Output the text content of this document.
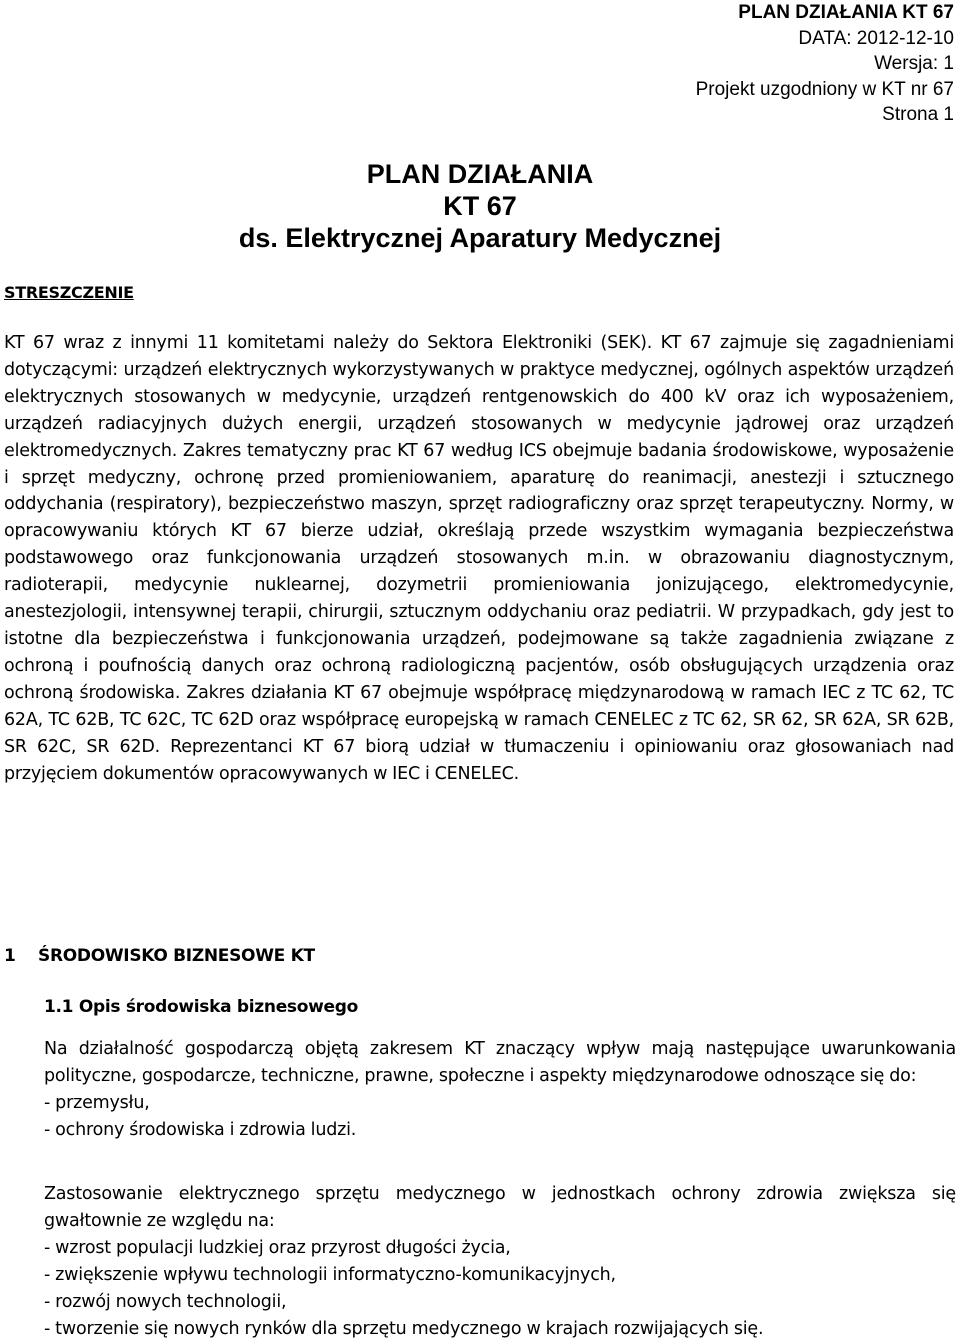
PLAN DZIAŁANIA KT 67
DATA: 2012-12-10
Wersja: 1
Projekt uzgodniony w KT nr 67
Strona 1
PLAN DZIAŁANIA
KT 67
ds. Elektrycznej Aparatury Medycznej
STRESZCZENIE
KT 67 wraz z innymi 11 komitetami należy do Sektora Elektroniki (SEK). KT 67 zajmuje się zagadnieniami dotyczącymi: urządzeń elektrycznych wykorzystywanych w praktyce medycznej, ogólnych aspektów urządzeń elektrycznych stosowanych w medycynie, urządzeń rentgenowskich do 400 kV oraz ich wyposażeniem, urządzeń radiacyjnych dużych energii, urządzeń stosowanych w medycynie jądrowej oraz urządzeń elektromedycznych. Zakres tematyczny prac KT 67 według ICS obejmuje badania środowiskowe, wyposażenie i sprzęt medyczny, ochronę przed promieniowaniem, aparaturę do reanimacji, anestezji i sztucznego oddychania (respiratory), bezpieczeństwo maszyn, sprzęt radiograficzny oraz sprzęt terapeutyczny. Normy, w opracowywaniu których KT 67 bierze udział, określają przede wszystkim wymagania bezpieczeństwa podstawowego oraz funkcjonowania urządzeń stosowanych m.in. w obrazowaniu diagnostycznym, radioterapii, medycynie nuklearnej, dozymetrii promieniowania jonizującego, elektromedycynie, anestezjologii, intensywnej terapii, chirurgii, sztucznym oddychaniu oraz pediatrii. W przypadkach, gdy jest to istotne dla bezpieczeństwa i funkcjonowania urządzeń, podejmowane są także zagadnienia związane z ochroną i poufnością danych oraz ochroną radiologiczną pacjentów, osób obsługujących urządzenia oraz ochroną środowiska. Zakres działania KT 67 obejmuje współpracę międzynarodową w ramach IEC z TC 62, TC 62A, TC 62B, TC 62C, TC 62D oraz współpracę europejską w ramach CENELEC z TC 62, SR 62, SR 62A, SR 62B, SR 62C, SR 62D. Reprezentanci KT 67 biorą udział w tłumaczeniu i opiniowaniu oraz głosowaniach nad przyjęciem dokumentów opracowywanych w IEC i CENELEC.
1 ŚRODOWISKO BIZNESOWE KT
1.1 Opis środowiska biznesowego
Na działalność gospodarczą objętą zakresem KT znaczący wpływ mają następujące uwarunkowania polityczne, gospodarcze, techniczne, prawne, społeczne i aspekty międzynarodowe odnoszące się do:
- przemysłu,
- ochrony środowiska i zdrowia ludzi.
Zastosowanie elektrycznego sprzętu medycznego w jednostkach ochrony zdrowia zwiększa się gwałtownie ze względu na:
- wzrost populacji ludzkiej oraz przyrost długości życia,
- zwiększenie wpływu technologii informatyczno-komunikacyjnych,
- rozwój nowych technologii,
- tworzenie się nowych rynków dla sprzętu medycznego w krajach rozwijających się.
